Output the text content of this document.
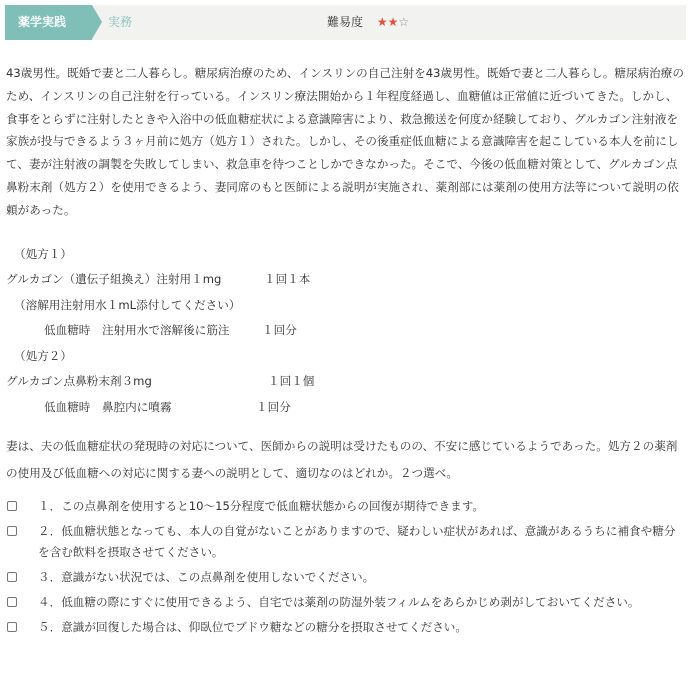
薬学実践	実務	難易度 ★★☆

43歳男性。既婚で妻と二人暮らし。糖尿病治療のため、インスリンの自己注射を43歳男性。既婚で妻と二人暮らし。糖尿病治療のため、インスリンの自己注射を行っている。インスリン療法開始から１年程度経過し、血糖値は正常値に近づいてきた。しかし、食事をとらずに注射したときや入浴中の低血糖症状による意識障害により、救急搬送を何度か経験しており、グルカゴン注射液を家族が投与できるよう３ヶ月前に処方（処方１）された。しかし、その後重症低血糖による意識障害を起こしている本人を前にして、妻が注射液の調製を失敗してしまい、救急車を待つことしかできなかった。そこで、今後の低血糖対策として、グルカゴン点鼻粉末剤（処方２）を使用できるよう、妻同席のもと医師による説明が実施され、薬剤部には薬剤の使用方法等について説明の依頼があった。

（処方１）

グルカゴン（遺伝子組換え）注射用１mg	１回１本

（溶解用注射用水１mL添付してください）

低血糖時　注射用水で溶解後に筋注	１回分

（処方２）

グルカゴン点鼻粉末剤３mg	１回１個

低血糖時　鼻腔内に噴霧	１回分

妻は、夫の低血糖症状の発現時の対応について、医師からの説明は受けたものの、不安に感じているようであった。処方２の薬剤の使用及び低血糖への対応に関する妻への説明として、適切なのはどれか。２つ選べ。

１．この点鼻剤を使用すると10～15分程度で低血糖状態からの回復が期待できます。
２．低血糖状態となっても、本人の自覚がないことがありますので、疑わしい症状があれば、意識があるうちに補食や糖分を含む飲料を摂取させてください。
３．意識がない状況では、この点鼻剤を使用しないでください。
４．低血糖の際にすぐに使用できるよう、自宅では薬剤の防湿外装フィルムをあらかじめ剥がしておいてください。
５．意識が回復した場合は、仰臥位でブドウ糖などの糖分を摂取させてください。
